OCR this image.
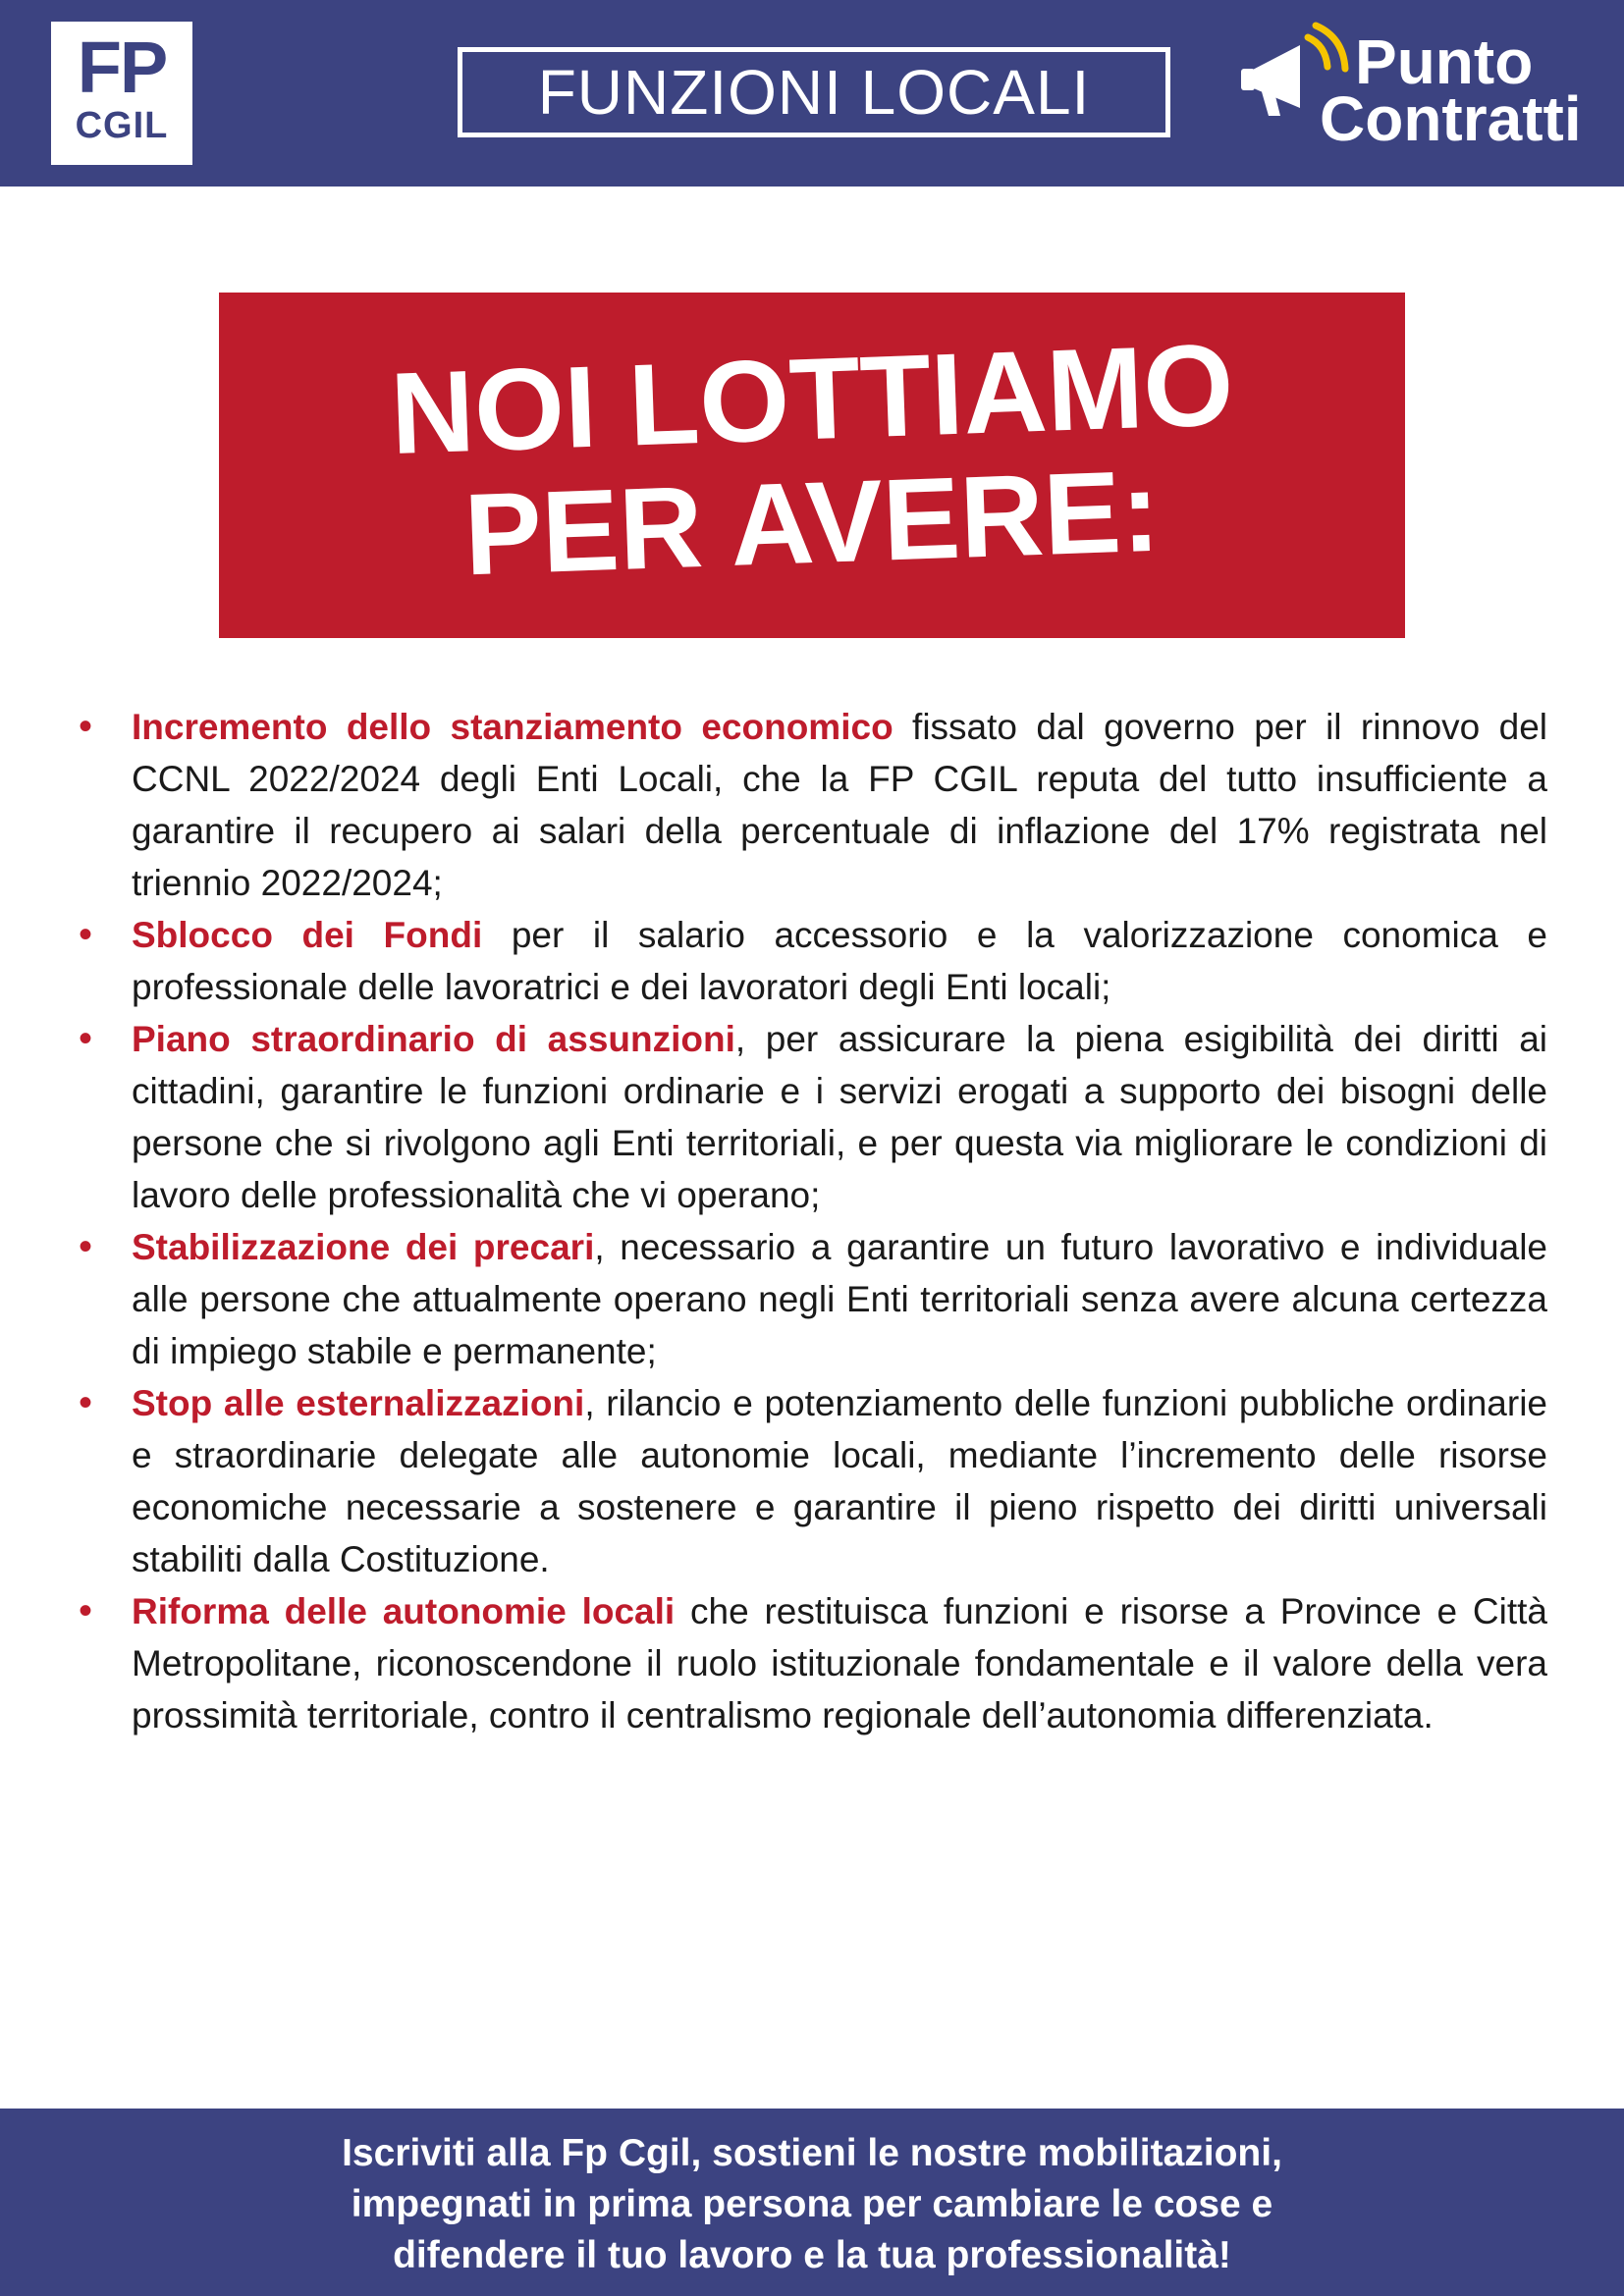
FP
CGIL	FUNZIONI LOCALI	Punto
Contratti
NOI LOTTIAMO
PER AVERE:
• Incremento dello stanziamento economico fissato dal governo per il rinnovo del CCNL 2022/2024 degli Enti Locali, che la FP CGIL reputa del tutto insufficiente a garantire il recupero ai salari della percentuale di inflazione del 17% registrata nel triennio 2022/2024;
• Sblocco dei Fondi per il salario accessorio e la valorizzazione conomica e professionale delle lavoratrici e dei lavoratori degli Enti locali;
• Piano straordinario di assunzioni, per assicurare la piena esigibilità dei diritti ai cittadini, garantire le funzioni ordinarie e i servizi erogati a supporto dei bisogni delle persone che si rivolgono agli Enti territoriali, e per questa via migliorare le condizioni di lavoro delle professionalità che vi operano;
• Stabilizzazione dei precari, necessario a garantire un futuro lavorativo e individuale alle persone che attualmente operano negli Enti territoriali senza avere alcuna certezza di impiego stabile e permanente;
• Stop alle esternalizzazioni, rilancio e potenziamento delle funzioni pubbliche ordinarie e straordinarie delegate alle autonomie locali, mediante l’incremento delle risorse economiche necessarie a sostenere e garantire il pieno rispetto dei diritti universali stabiliti dalla Costituzione.
• Riforma delle autonomie locali che restituisca funzioni e risorse a Province e Città Metropolitane, riconoscendone il ruolo istituzionale fondamentale e il valore della vera prossimità territoriale, contro il centralismo regionale dell’autonomia differenziata.
Iscriviti alla Fp Cgil, sostieni le nostre mobilitazioni,
impegnati in prima persona per cambiare le cose e
difendere il tuo lavoro e la tua professionalità!
